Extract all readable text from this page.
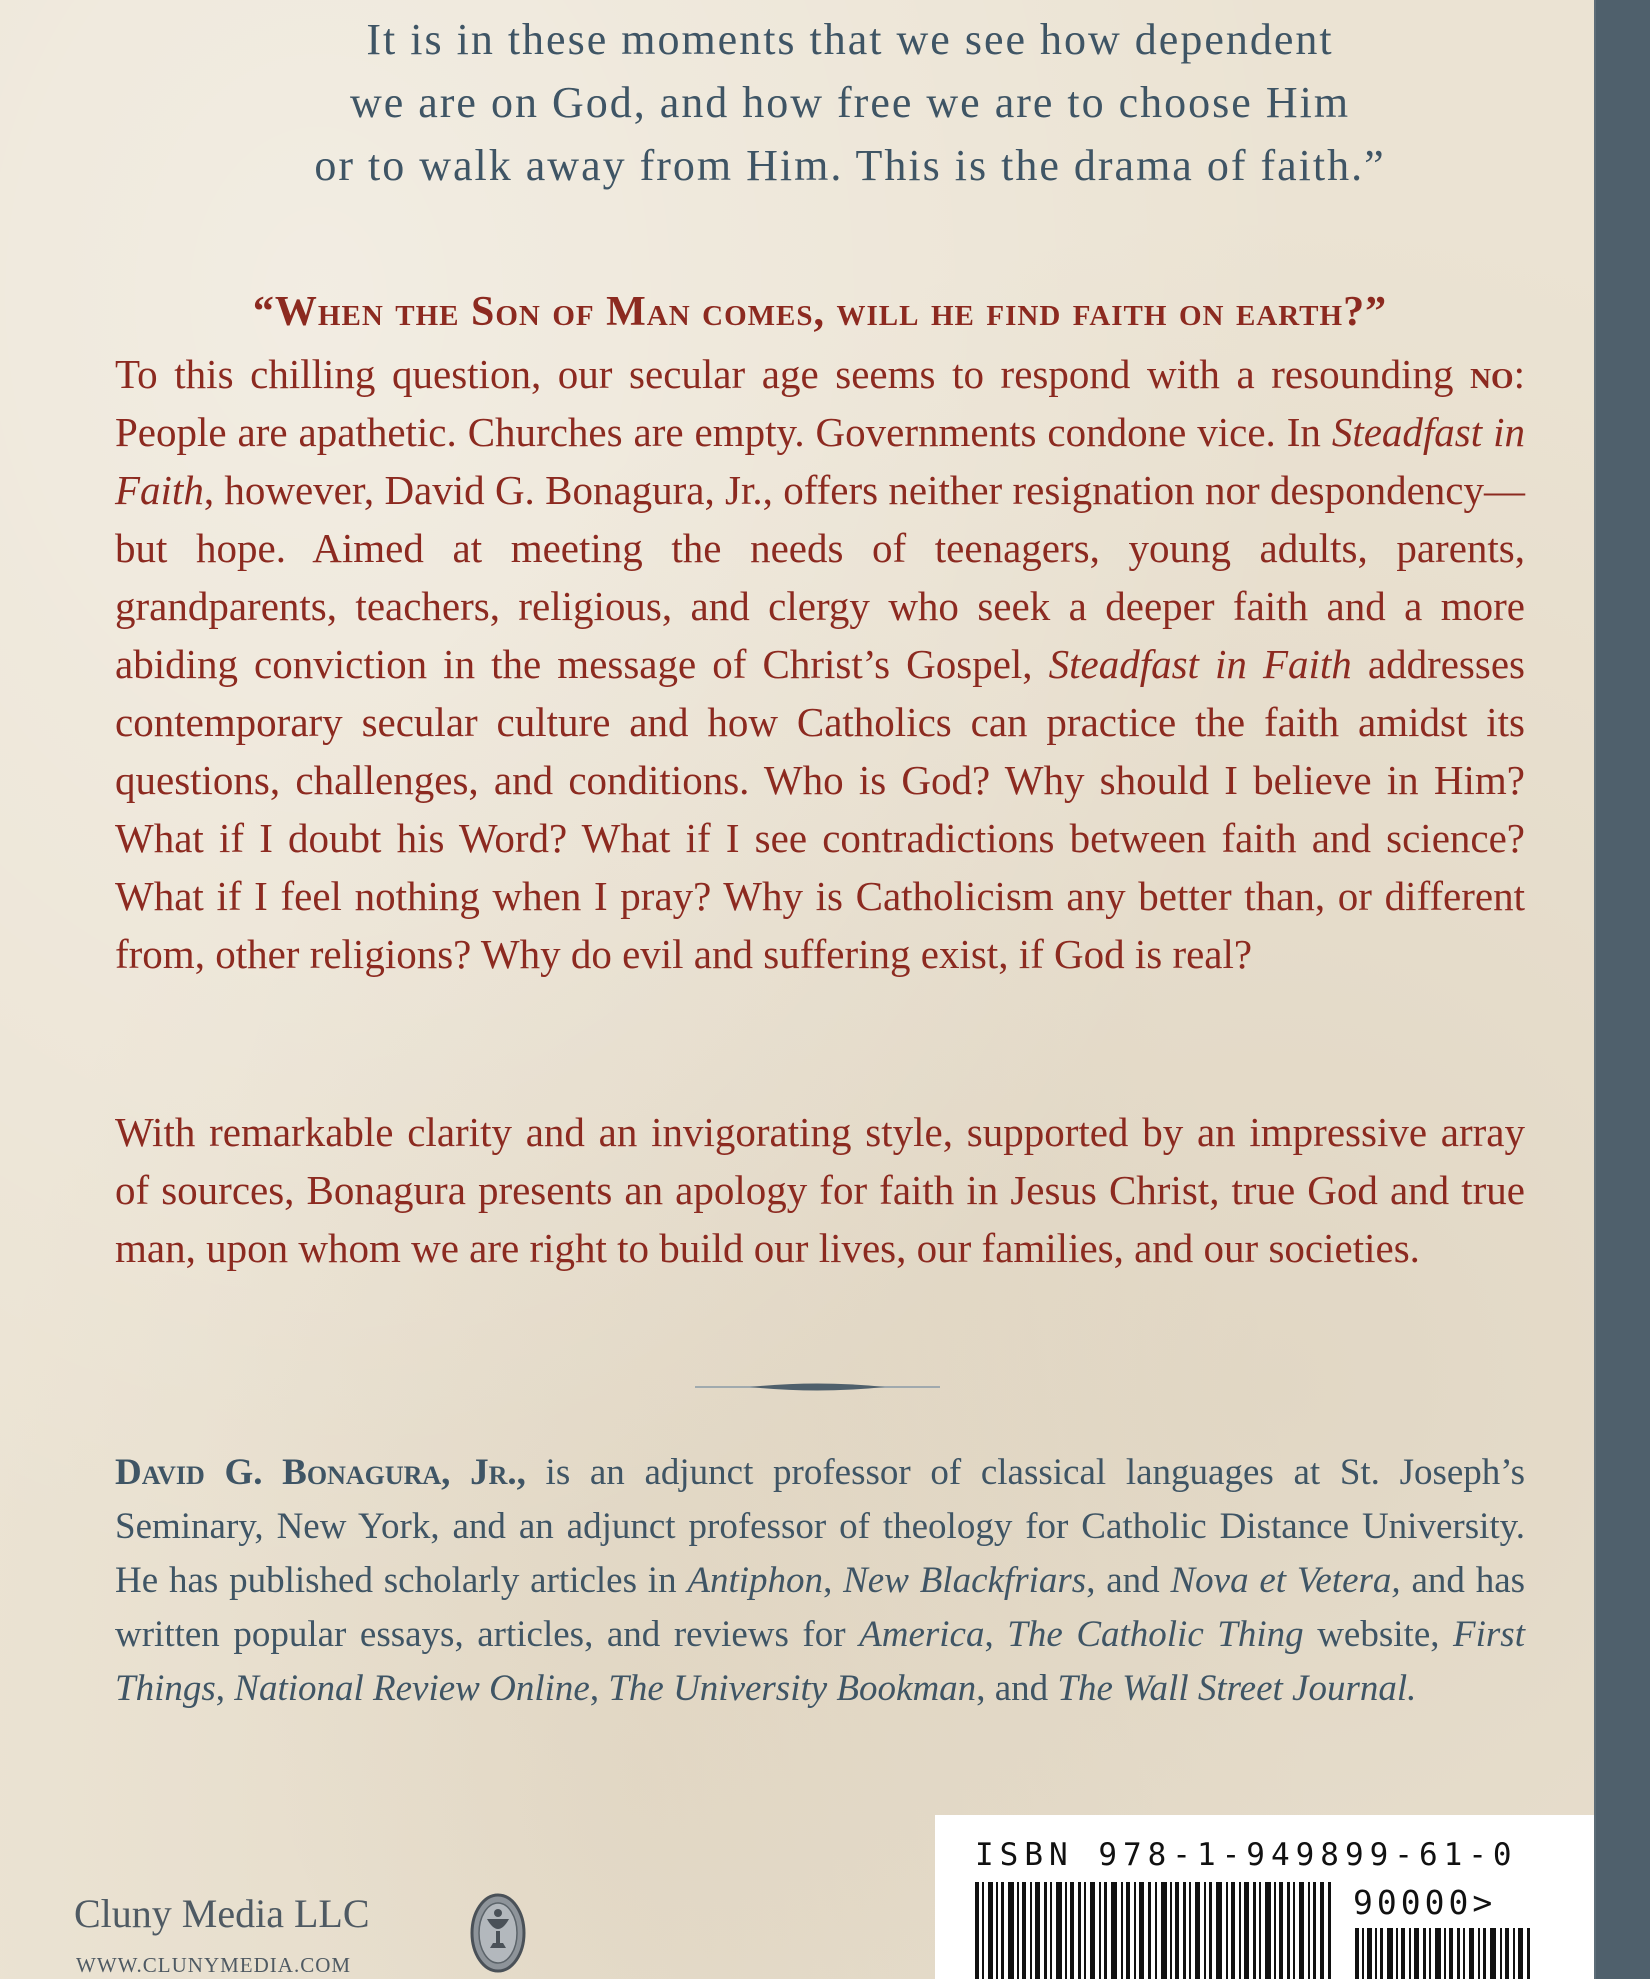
It is in these moments that we see how dependent
we are on God, and how free we are to choose Him
or to walk away from Him. This is the drama of faith.”
“When the Son of Man comes, will he find faith on earth?”
To this chilling question, our secular age seems to respond with a resounding no: People are apathetic. Churches are empty. Governments condone vice. In Steadfast in Faith, however, David G. Bonagura, Jr., offers neither resignation nor despondency—but hope. Aimed at meeting the needs of teenagers, young adults, parents, grandparents, teachers, religious, and clergy who seek a deeper faith and a more abiding conviction in the message of Christ’s Gospel, Steadfast in Faith addresses contemporary secular culture and how Catholics can practice the faith amidst its questions, challenges, and conditions. Who is God? Why should I believe in Him? What if I doubt his Word? What if I see contradictions between faith and science? What if I feel nothing when I pray? Why is Catholicism any better than, or different from, other religions? Why do evil and suffering exist, if God is real?
With remarkable clarity and an invigorating style, supported by an impressive array of sources, Bonagura presents an apology for faith in Jesus Christ, true God and true man, upon whom we are right to build our lives, our families, and our societies.
David G. Bonagura, Jr., is an adjunct professor of classical languages at St. Joseph’s Seminary, New York, and an adjunct professor of theology for Catholic Distance University. He has published scholarly articles in Antiphon, New Blackfriars, and Nova et Vetera, and has written popular essays, articles, and reviews for America, The Catholic Thing website, First Things, National Review Online, The University Bookman, and The Wall Street Journal.
Cluny Media LLC
WWW.CLUNYMEDIA.COM
ISBN 978-1-949899-61-0
90000>
